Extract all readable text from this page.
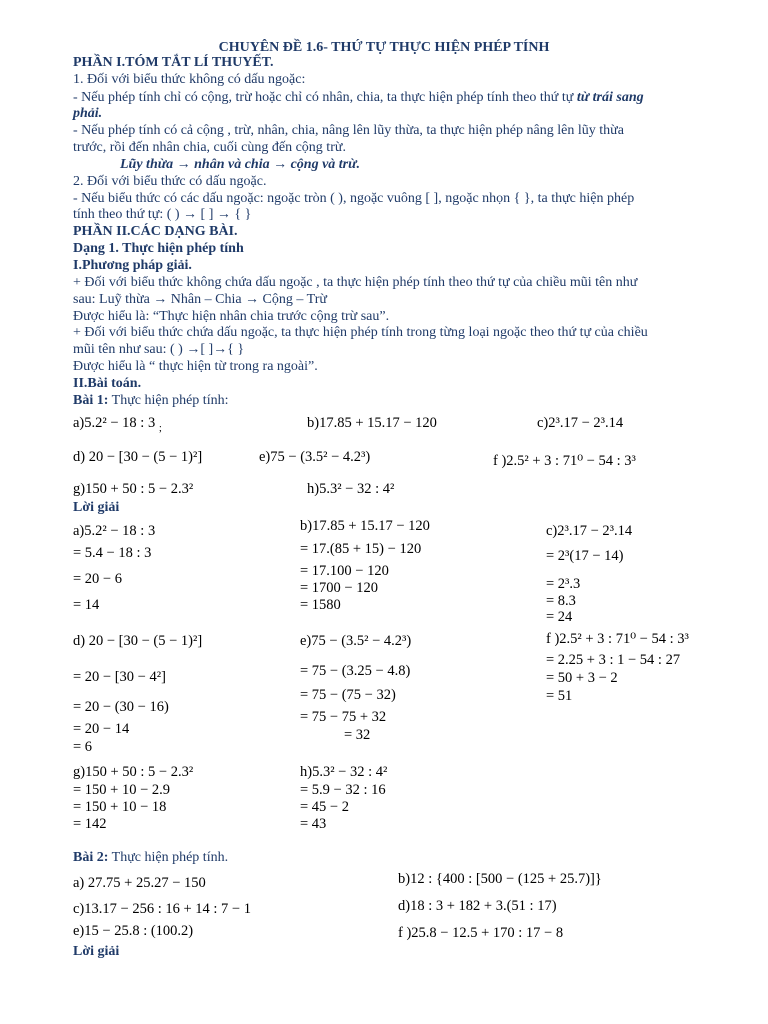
CHUYÊN ĐỀ 1.6- THỨ TỰ THỰC HIỆN PHÉP TÍNH
PHẦN I.TÓM TẮT LÍ THUYẾT.
1. Đối với biểu thức không có dấu ngoặc:
- Nếu phép tính chỉ có cộng, trừ hoặc chỉ có nhân, chia, ta thực hiện phép tính theo thứ tự từ trái sang
phải.
- Nếu phép tính có cả cộng , trừ, nhân, chia, nâng lên lũy thừa, ta thực hiện phép nâng lên lũy thừa
trước, rồi đến nhân chia, cuối cùng đến cộng trừ.
Lũy thừa → nhân và chia → cộng và trừ.
2. Đối với biểu thức có dấu ngoặc.
- Nếu biểu thức có các dấu ngoặc: ngoặc tròn ( ), ngoặc vuông [ ], ngoặc nhọn { }, ta thực hiện phép
tính theo thứ tự: ( ) → [ ] → { }
PHẦN II.CÁC DẠNG BÀI.
Dạng 1. Thực hiện phép tính
I.Phương pháp giải.
+ Đối với biểu thức không chứa dấu ngoặc , ta thực hiện phép tính theo thứ tự của chiều mũi tên như
sau: Luỹ thừa → Nhân – Chia → Cộng – Trừ
Được hiểu là: “Thực hiện nhân chia trước cộng trừ sau”.
+ Đối với biểu thức chứa dấu ngoặc, ta thực hiện phép tính trong từng loại ngoặc theo thứ tự của chiều
mũi tên như sau: ( ) →[ ]→{ }
Được hiểu là “ thực hiện từ trong ra ngoài”.
II.Bài toán.
Bài 1: Thực hiện phép tính:
a)5.2² − 18 : 3 $_;$	b)17.85 + 15.17 − 120	c)2³.17 − 2³.14
d) 20 − [30 − (5 − 1)²]	e)75 − (3.5² − 4.2³)	f )2.5² + 3 : 71⁰ − 54 : 3³
g)150 + 50 : 5 − 2.3²	h)5.3² − 32 : 4²
Lời giải
a)5.2² − 18 : 3
= 5.4 − 18 : 3
= 20 − 6
= 14
b)17.85 + 15.17 − 120
= 17.(85 + 15) − 120
= 17.100 − 120
= 1700 − 120
= 1580
c)2³.17 − 2³.14
= 2³(17 − 14)
= 2³.3
= 8.3
= 24
d) 20 − [30 − (5 − 1)²]
= 20 − [30 − 4²]
= 20 − (30 − 16)
= 20 − 14
= 6
e)75 − (3.5² − 4.2³)
= 75 − (3.25 − 4.8)
= 75 − (75 − 32)
= 75 − 75 + 32
= 32
f )2.5² + 3 : 71⁰ − 54 : 3³
= 2.25 + 3 : 1 − 54 : 27
= 50 + 3 − 2
= 51
g)150 + 50 : 5 − 2.3²
= 150 + 10 − 2.9
= 150 + 10 − 18
= 142
h)5.3² − 32 : 4²
= 5.9 − 32 : 16
= 45 − 2
= 43
Bài 2: Thực hiện phép tính.
a) 27.75 + 25.27 − 150	b)12 : {400 : [500 − (125 + 25.7)]}
c)13.17 − 256 : 16 + 14 : 7 − 1	d)18 : 3 + 182 + 3.(51 : 17)
e)15 − 25.8 : (100.2)	f )25.8 − 12.5 + 170 : 17 − 8
Lời giải
